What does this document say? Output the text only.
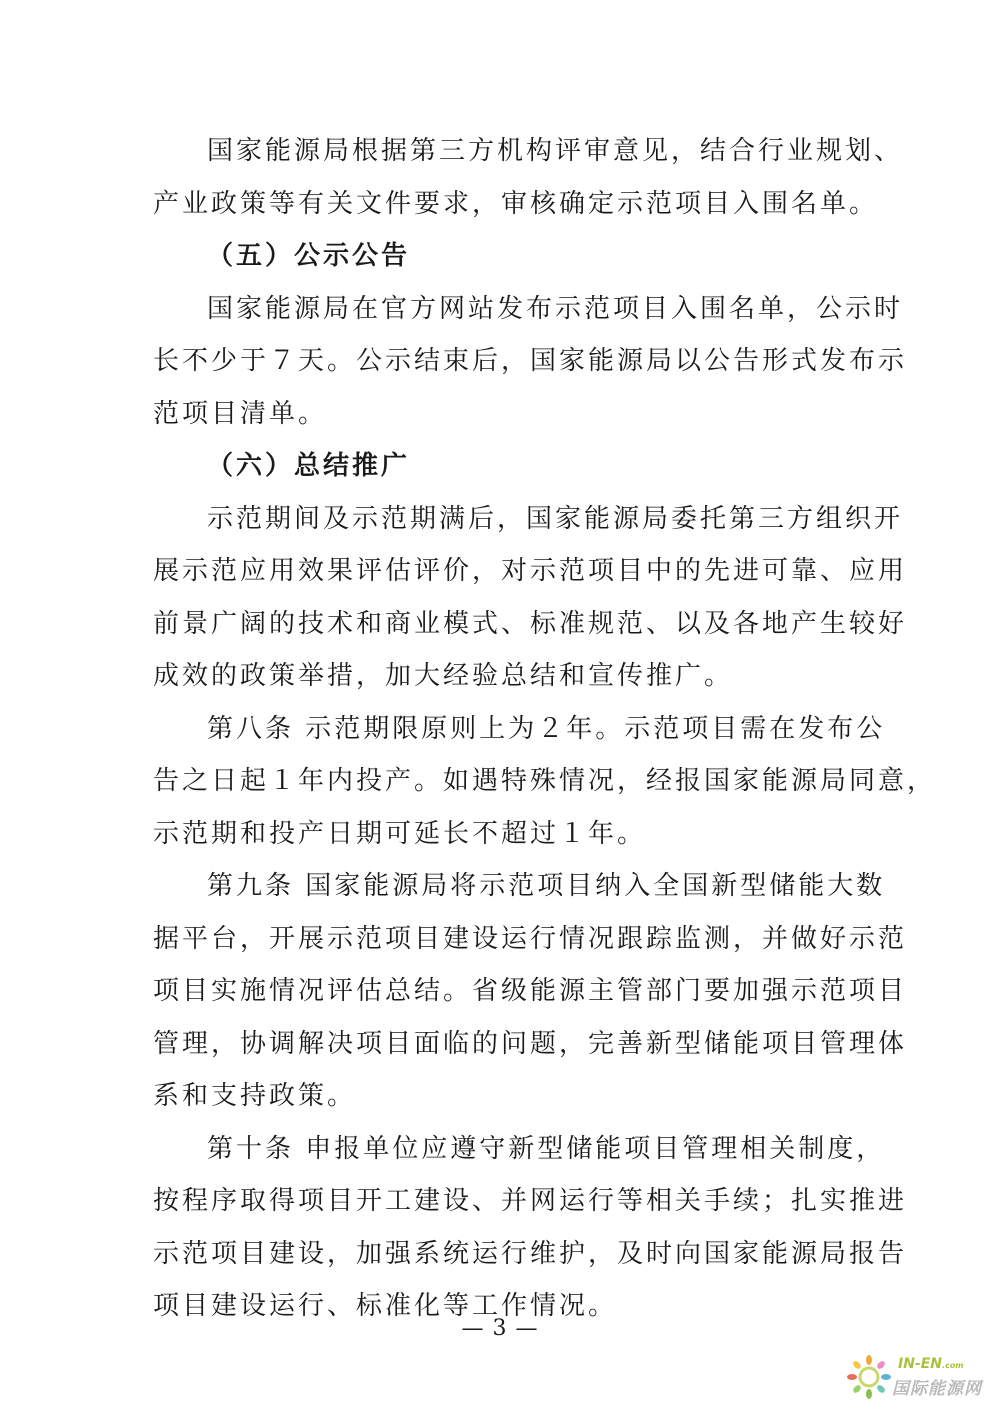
国家能源局根据第三方机构评审意见，结合行业规划、
产业政策等有关文件要求，审核确定示范项目入围名单。
（五）公示公告
国家能源局在官方网站发布示范项目入围名单，公示时
长不少于７天。公示结束后，国家能源局以公告形式发布示
范项目清单。
（六）总结推广
示范期间及示范期满后，国家能源局委托第三方组织开
展示范应用效果评估评价，对示范项目中的先进可靠、应用
前景广阔的技术和商业模式、标准规范、以及各地产生较好
成效的政策举措，加大经验总结和宣传推广。
第八条 示范期限原则上为２年。示范项目需在发布公
告之日起１年内投产。如遇特殊情况，经报国家能源局同意，
示范期和投产日期可延长不超过１年。
第九条 国家能源局将示范项目纳入全国新型储能大数
据平台，开展示范项目建设运行情况跟踪监测，并做好示范
项目实施情况评估总结。省级能源主管部门要加强示范项目
管理，协调解决项目面临的问题，完善新型储能项目管理体
系和支持政策。
第十条 申报单位应遵守新型储能项目管理相关制度，
按程序取得项目开工建设、并网运行等相关手续；扎实推进
示范项目建设，加强系统运行维护，及时向国家能源局报告
项目建设运行、标准化等工作情况。
— 3 —
IN-EN.com
国际能源网
